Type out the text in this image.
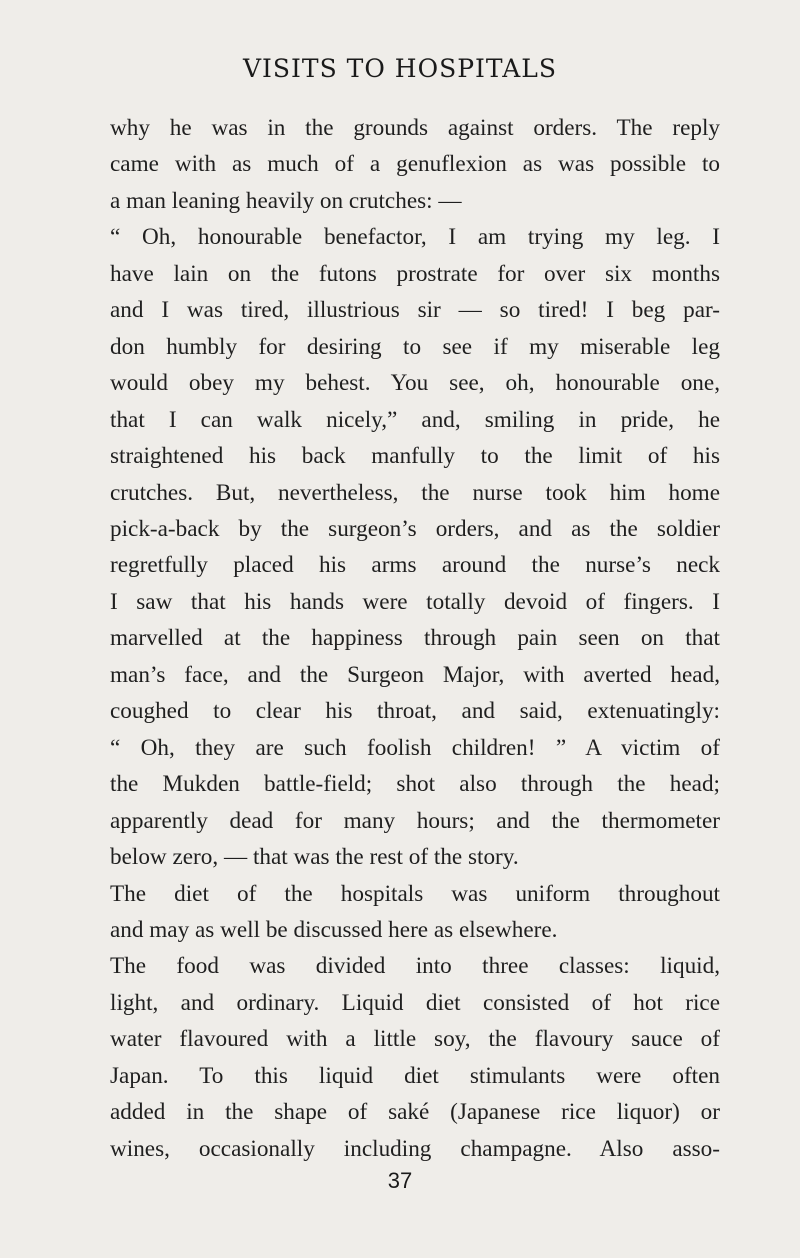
VISITS TO HOSPITALS
why he was in the grounds against orders. The reply
came with as much of a genuflexion as was possible to
a man leaning heavily on crutches: —
“ Oh, honourable benefactor, I am trying my leg. I
have lain on the futons prostrate for over six months
and I was tired, illustrious sir — so tired! I beg par-
don humbly for desiring to see if my miserable leg
would obey my behest. You see, oh, honourable one,
that I can walk nicely,” and, smiling in pride, he
straightened his back manfully to the limit of his
crutches. But, nevertheless, the nurse took him home
pick-a-back by the surgeon’s orders, and as the soldier
regretfully placed his arms around the nurse’s neck
I saw that his hands were totally devoid of fingers. I
marvelled at the happiness through pain seen on that
man’s face, and the Surgeon Major, with averted head,
coughed to clear his throat, and said, extenuatingly:
“ Oh, they are such foolish children! ” A victim of
the Mukden battle-field; shot also through the head;
apparently dead for many hours; and the thermometer
below zero, — that was the rest of the story.
The diet of the hospitals was uniform throughout
and may as well be discussed here as elsewhere.
The food was divided into three classes: liquid,
light, and ordinary. Liquid diet consisted of hot rice
water flavoured with a little soy, the flavoury sauce of
Japan. To this liquid diet stimulants were often
added in the shape of saké (Japanese rice liquor) or
wines, occasionally including champagne. Also asso-
37
